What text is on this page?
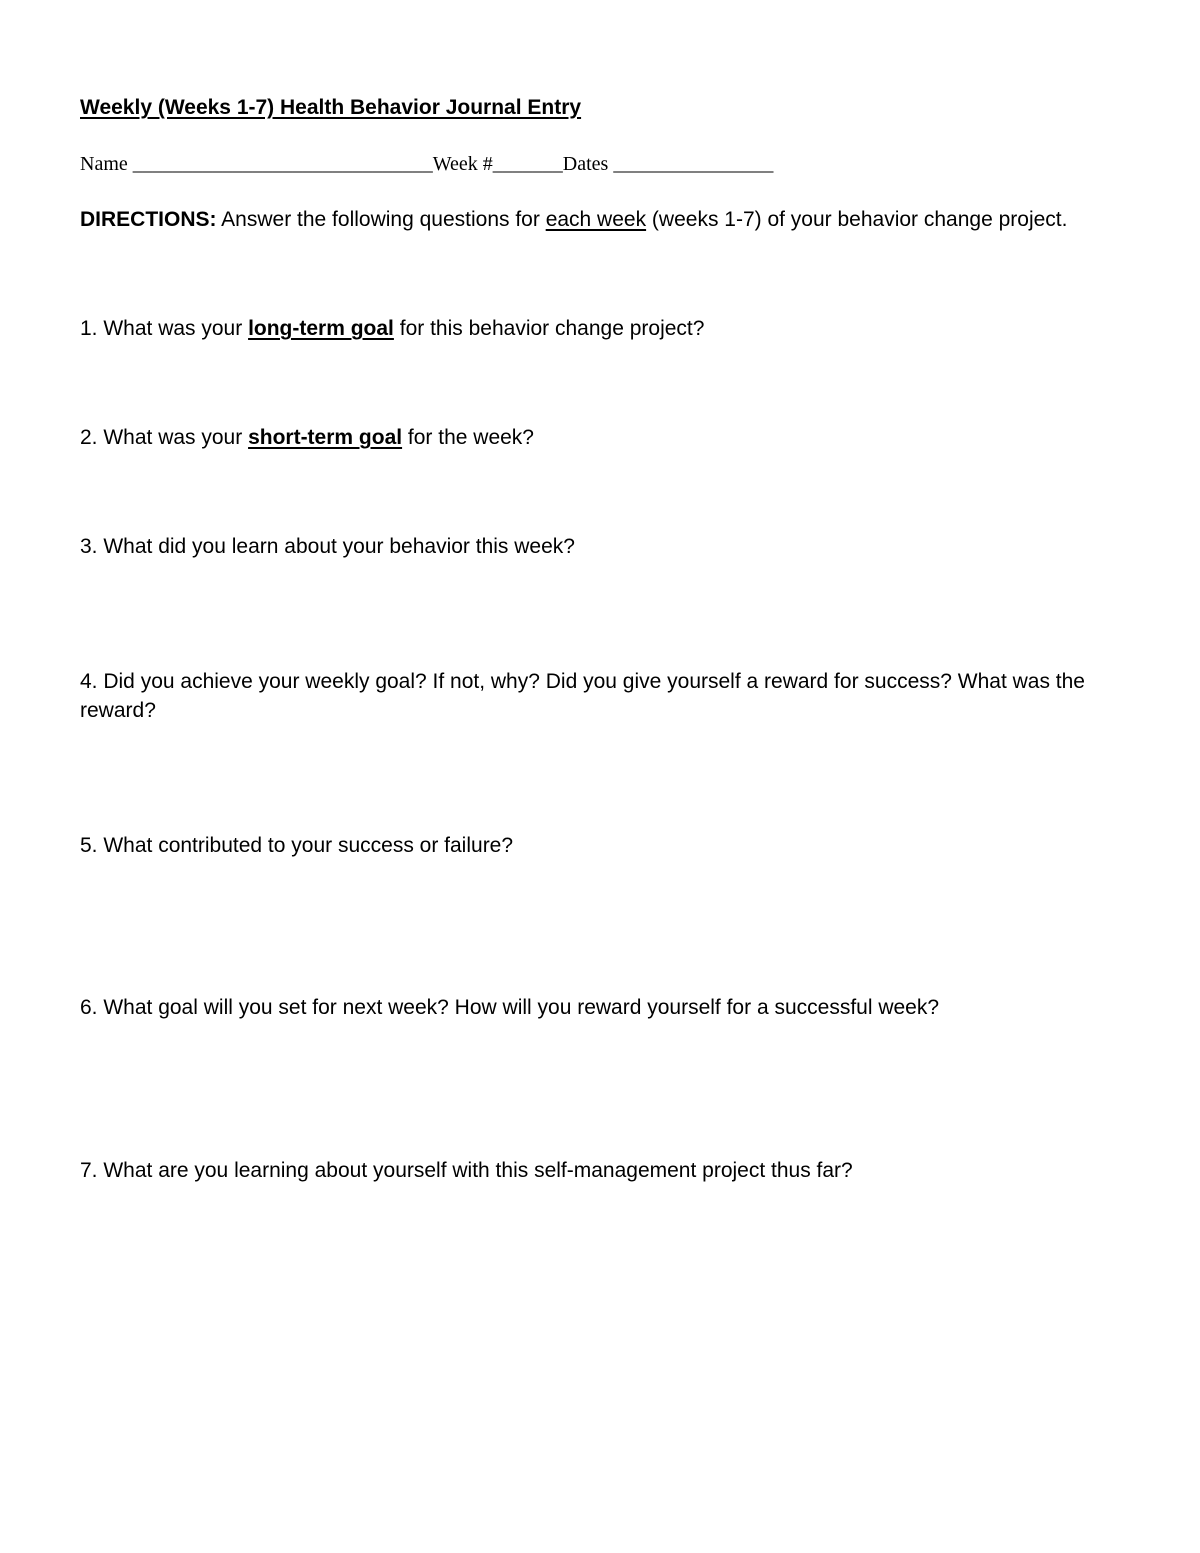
Weekly (Weeks 1-7) Health Behavior Journal Entry
Name ______________________________Week #_______Dates ________________
DIRECTIONS: Answer the following questions for each week (weeks 1-7) of your behavior change project.
1. What was your long-term goal for this behavior change project?
2. What was your short-term goal for the week?
3. What did you learn about your behavior this week?
4. Did you achieve your weekly goal? If not, why? Did you give yourself a reward for success? What was the reward?
5. What contributed to your success or failure?
6. What goal will you set for next week? How will you reward yourself for a successful week?
7. What are you learning about yourself with this self-management project thus far?
